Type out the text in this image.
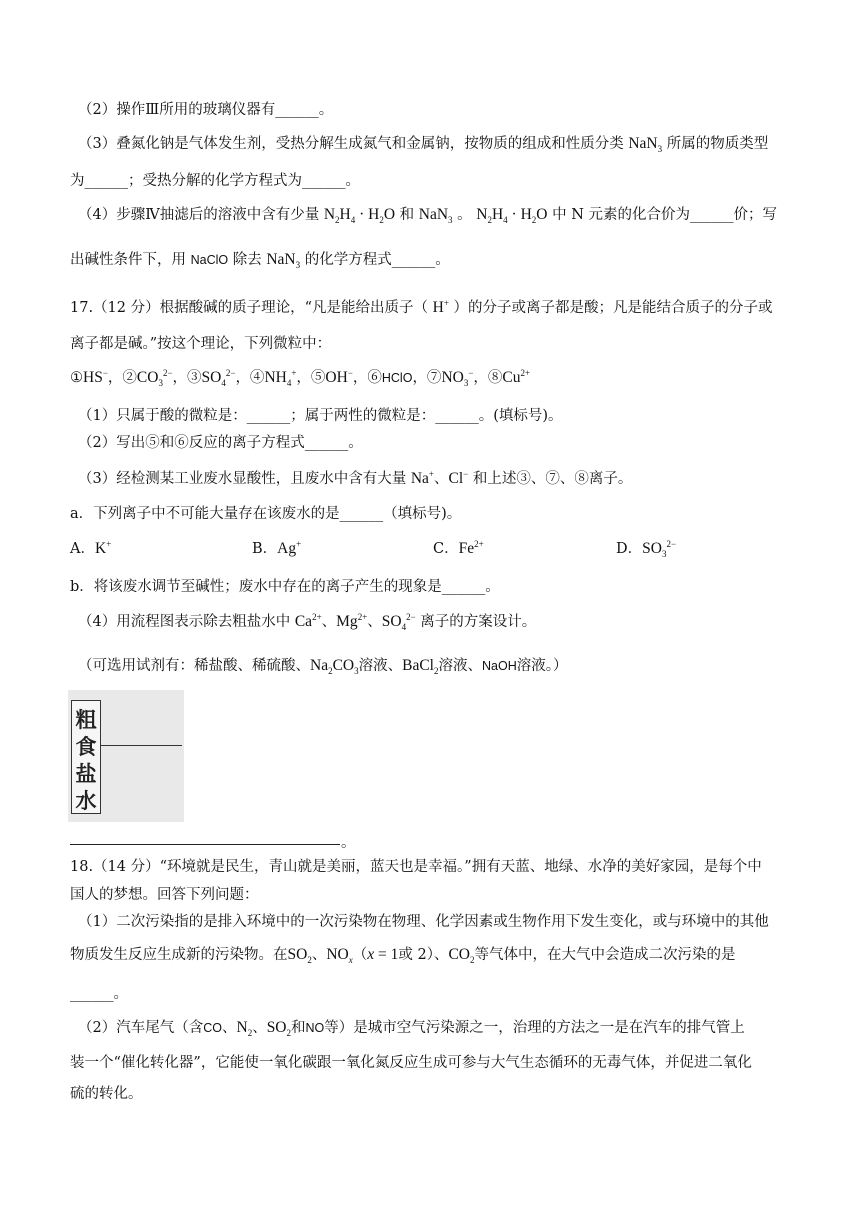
（2）操作Ⅲ所用的玻璃仪器有______。
（3）叠氮化钠是气体发生剂，受热分解生成氮气和金属钠，按物质的组成和性质分类 NaN$_3$ 所属的物质类型
为______；受热分解的化学方程式为______。
（4）步骤Ⅳ抽滤后的溶液中含有少量 $N_2H_4 \cdot H_2O$ 和 NaN$_3$ 。 $N_2H_4 \cdot H_2O$ 中 N 元素的化合价为______价；写
出碱性条件下，用 NaClO 除去 NaN$_3$ 的化学方程式______。
17.（12 分）根据酸碱的质子理论，“凡是能给出质子（ H+ ）的分子或离子都是酸；凡是能结合质子的分子或
离子都是碱。”按这个理论，下列微粒中：
①HS−，$②CO_3^{2-}$，$③SO_4^{2-}$，$④NH_4^+$，⑤OH−，⑥HClO，$⑦NO_3^-$，$⑧Cu^{2+}$
（1）只属于酸的微粒是：______；属于两性的微粒是：______。(填标号)。
（2）写出⑤和⑥反应的离子方程式______。
（3）经检测某工业废水显酸性，且废水中含有大量 Na+、Cl− 和上述③、⑦、⑧离子。
a．下列离子中不可能大量存在该废水的是______（填标号)。
A．K+	B．Ag+	C．$Fe^{2+}$	D．$SO_3^{2-}$
b．将该废水调节至碱性；废水中存在的离子产生的现象是______。
（4）用流程图表示除去粗盐水中 $Ca^{2+}$、$Mg^{2+}$、$SO_4^{2-}$ 离子的方案设计。
（可选用试剂有：稀盐酸、稀硫酸、$Na_2CO_3$溶液、BaCl$_2$溶液、NaOH溶液。）
粗
食
盐
水
。
18.（14 分）“环境就是民生，青山就是美丽，蓝天也是幸福。”拥有天蓝、地绿、水净的美好家园，是每个中
国人的梦想。回答下列问题：
（1）二次污染指的是排入环境中的一次污染物在物理、化学因素或生物作用下发生变化，或与环境中的其他
物质发生反应生成新的污染物。在$SO_2$、$NO_x(x = 1$或 2）、$CO_2$等气体中，在大气中会造成二次污染的是
______。
（2）汽车尾气（含CO、$N_2$、$SO_2$和NO等）是城市空气污染源之一，治理的方法之一是在汽车的排气管上
装一个“催化转化器”，它能使一氧化碳跟一氧化氮反应生成可参与大气生态循环的无毒气体，并促进二氧化
硫的转化。
